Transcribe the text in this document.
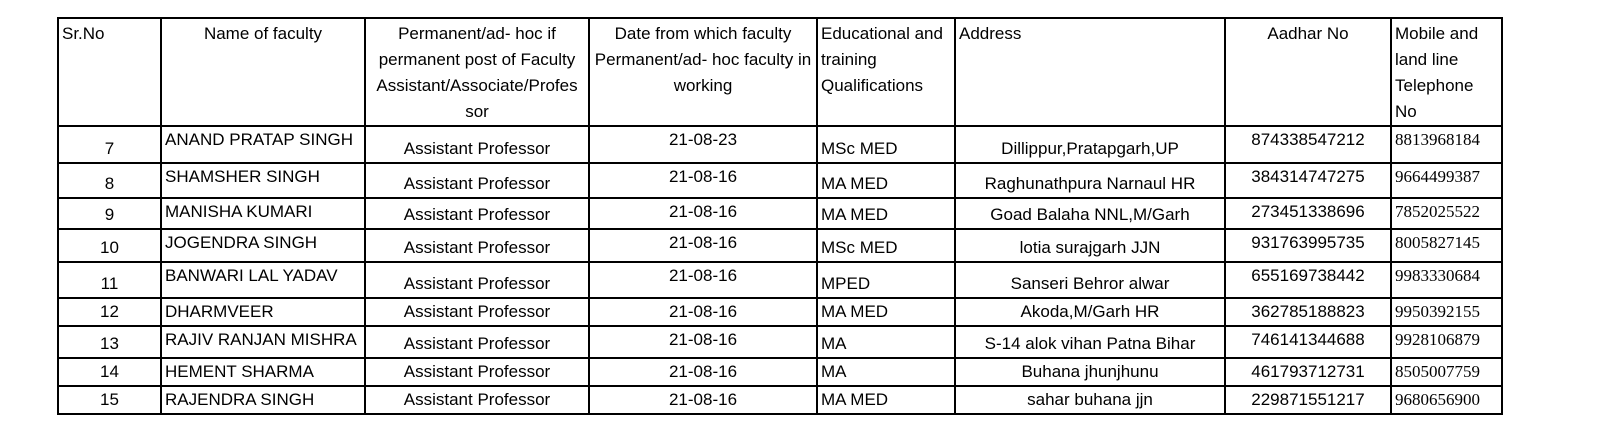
Sr.No	Name of faculty	Permanent/ad- hoc if permanent post of Faculty Assistant/Associate/Profes sor	Date from which faculty Permanent/ad- hoc faculty in working	Educational and training Qualifications	Address	Aadhar No	Mobile and land line Telephone No
7	ANAND PRATAP SINGH	Assistant Professor	21-08-23	MSc MED	Dillippur,Pratapgarh,UP	874338547212	8813968184
8	SHAMSHER SINGH	Assistant Professor	21-08-16	MA MED	Raghunathpura Narnaul HR	384314747275	9664499387
9	MANISHA KUMARI	Assistant Professor	21-08-16	MA MED	Goad Balaha NNL,M/Garh	273451338696	7852025522
10	JOGENDRA SINGH	Assistant Professor	21-08-16	MSc MED	lotia surajgarh JJN	931763995735	8005827145
11	BANWARI LAL YADAV	Assistant Professor	21-08-16	MPED	Sanseri Behror alwar	655169738442	9983330684
12	DHARMVEER	Assistant Professor	21-08-16	MA MED	Akoda,M/Garh HR	362785188823	9950392155
13	RAJIV RANJAN MISHRA	Assistant Professor	21-08-16	MA	S-14 alok vihan Patna Bihar	746141344688	9928106879
14	HEMENT SHARMA	Assistant Professor	21-08-16	MA	Buhana jhunjhunu	461793712731	8505007759
15	RAJENDRA SINGH	Assistant Professor	21-08-16	MA MED	sahar buhana jjn	229871551217	9680656900
